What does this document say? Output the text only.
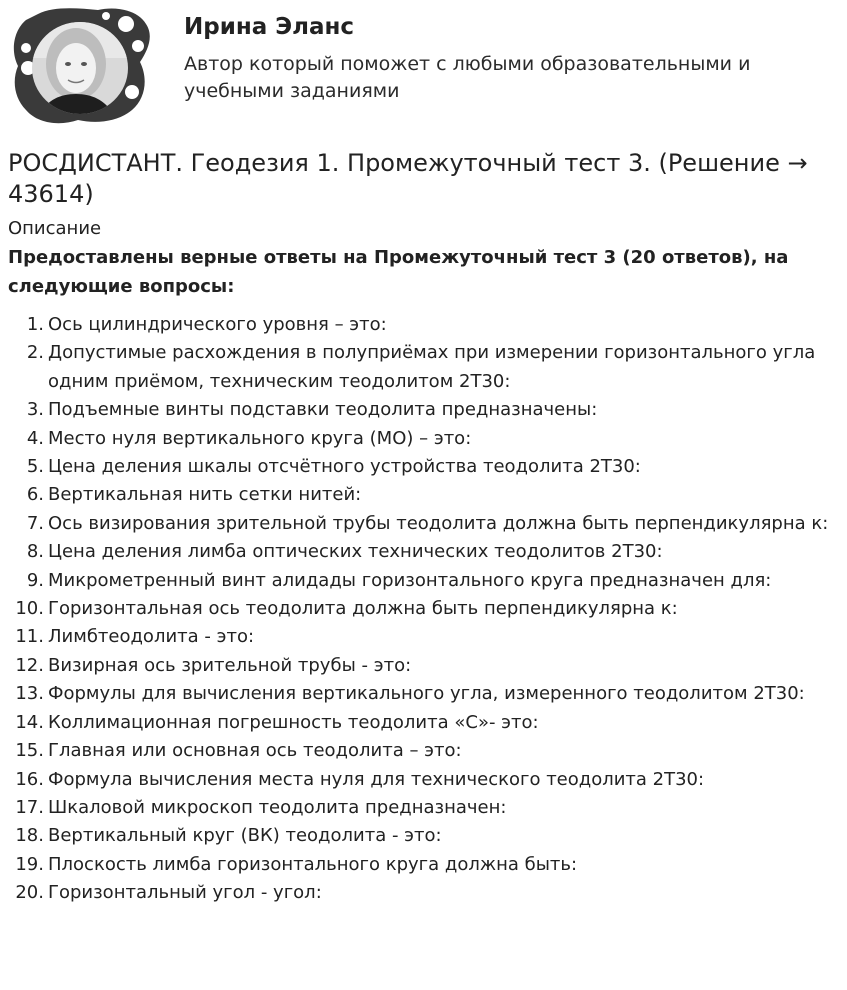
Ирина Эланс
Автор который поможет с любыми образовательными и учебными заданиями
РОСДИСТАНТ. Геодезия 1. Промежуточный тест 3. (Решение → 43614)
Описание
Предоставлены верные ответы на Промежуточный тест 3 (20 ответов), на следующие вопросы:
1. Ось цилиндрического уровня – это:
2. Допустимые расхождения в полуприёмах при измерении горизонтального угла одним приёмом, техническим теодолитом 2Т30:
3. Подъемные винты подставки теодолита предназначены:
4. Место нуля вертикального круга (МО) – это:
5. Цена деления шкалы отсчётного устройства теодолита 2Т30:
6. Вертикальная нить сетки нитей:
7. Ось визирования зрительной трубы теодолита должна быть перпендикулярна к:
8. Цена деления лимба оптических технических теодолитов 2Т30:
9. Микрометренный винт алидады горизонтального круга предназначен для:
10. Горизонтальная ось теодолита должна быть перпендикулярна к:
11. Лимбтеодолита - это:
12. Визирная ось зрительной трубы - это:
13. Формулы для вычисления вертикального угла, измеренного теодолитом 2Т30:
14. Коллимационная погрешность теодолита «С»- это:
15. Главная или основная ось теодолита – это:
16. Формула вычисления места нуля для технического теодолита 2Т30:
17. Шкаловой микроскоп теодолита предназначен:
18. Вертикальный круг (ВК) теодолита - это:
19. Плоскость лимба горизонтального круга должна быть:
20. Горизонтальный угол - угол:
